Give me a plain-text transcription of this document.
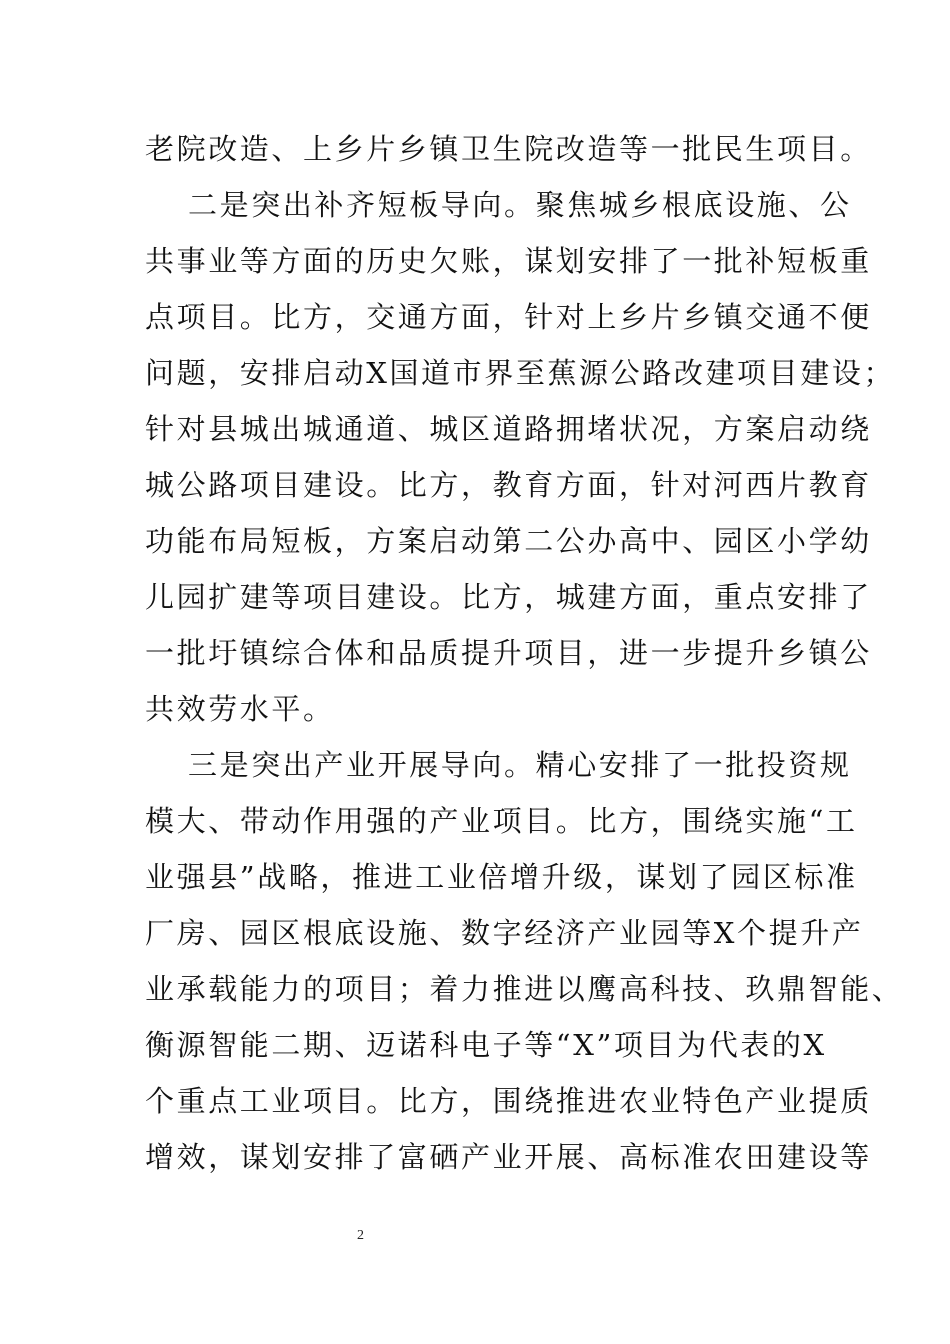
老院改造、上乡片乡镇卫生院改造等一批民生项目。
二是突出补齐短板导向。聚焦城乡根底设施、公
共事业等方面的历史欠账，谋划安排了一批补短板重
点项目。比方，交通方面，针对上乡片乡镇交通不便
问题，安排启动X国道市界至蕉源公路改建项目建设；
针对县城出城通道、城区道路拥堵状况，方案启动绕
城公路项目建设。比方，教育方面，针对河西片教育
功能布局短板，方案启动第二公办高中、园区小学幼
儿园扩建等项目建设。比方，城建方面，重点安排了
一批圩镇综合体和品质提升项目，进一步提升乡镇公
共效劳水平。
三是突出产业开展导向。精心安排了一批投资规
模大、带动作用强的产业项目。比方，围绕实施“工
业强县”战略，推进工业倍增升级，谋划了园区标准
厂房、园区根底设施、数字经济产业园等X个提升产
业承载能力的项目；着力推进以鹰高科技、玖鼎智能、
衡源智能二期、迈诺科电子等“X”项目为代表的X
个重点工业项目。比方，围绕推进农业特色产业提质
增效，谋划安排了富硒产业开展、高标准农田建设等
2
